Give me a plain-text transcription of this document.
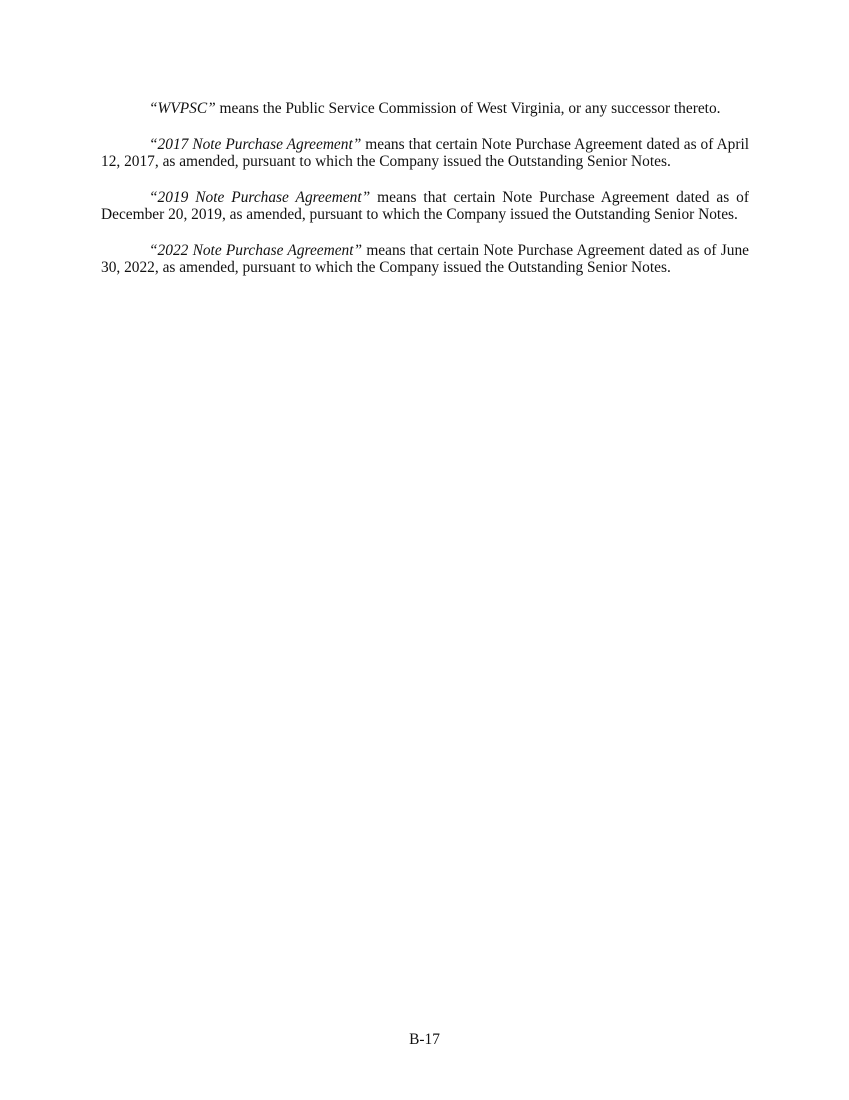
“WVPSC” means the Public Service Commission of West Virginia, or any successor thereto.

“2017 Note Purchase Agreement” means that certain Note Purchase Agreement dated as of April 12, 2017, as amended, pursuant to which the Company issued the Outstanding Senior Notes.

“2019 Note Purchase Agreement” means that certain Note Purchase Agreement dated as of December 20, 2019, as amended, pursuant to which the Company issued the Outstanding Senior Notes.

“2022 Note Purchase Agreement” means that certain Note Purchase Agreement dated as of June 30, 2022, as amended, pursuant to which the Company issued the Outstanding Senior Notes.

B-17
